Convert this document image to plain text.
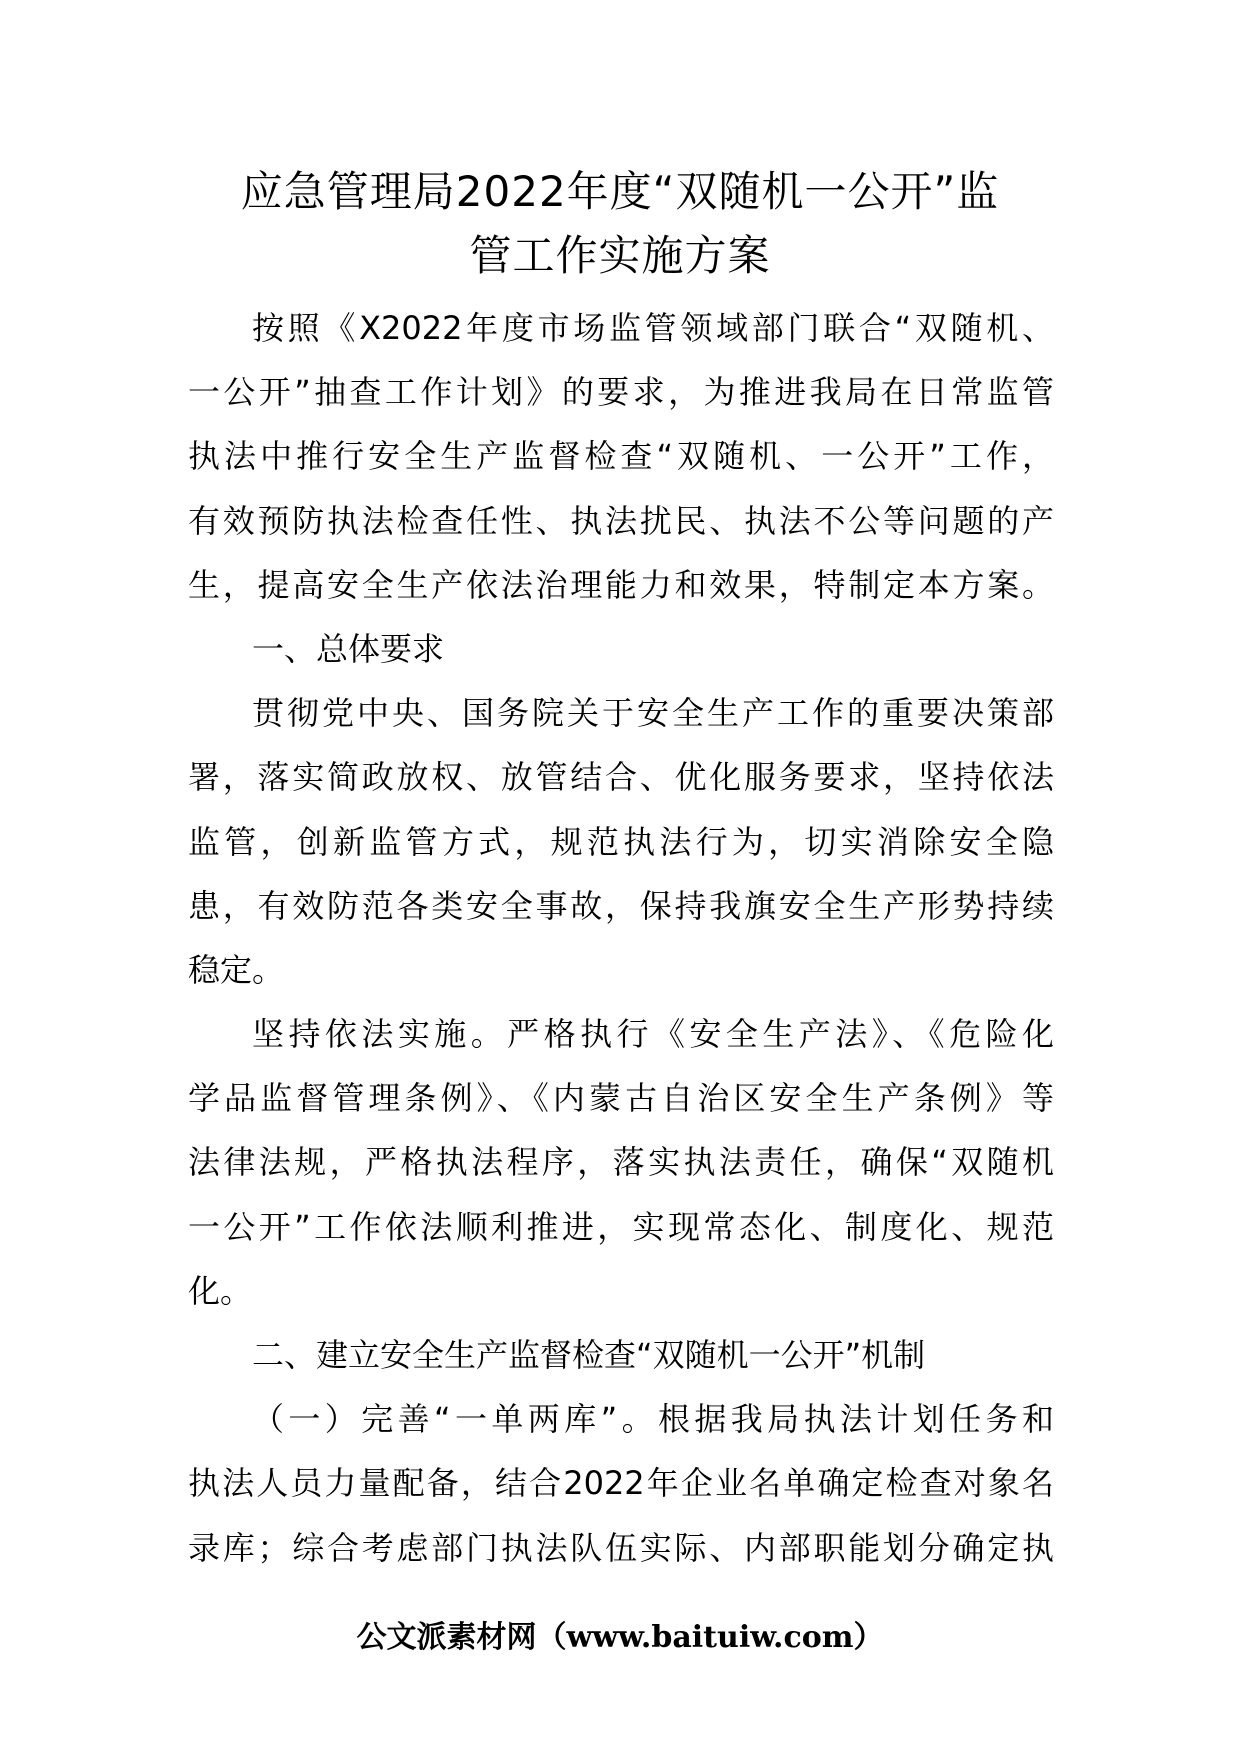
应急管理局2022年度“双随机一公开”监
管工作实施方案
按照《X2022年度市场监管领域部门联合“双随机、
一公开”抽查工作计划》的要求，为推进我局在日常监管
执法中推行安全生产监督检查“双随机、一公开”工作，
有效预防执法检查任性、执法扰民、执法不公等问题的产
生，提高安全生产依法治理能力和效果，特制定本方案。
一、总体要求
贯彻党中央、国务院关于安全生产工作的重要决策部
署，落实简政放权、放管结合、优化服务要求，坚持依法
监管，创新监管方式，规范执法行为，切实消除安全隐
患，有效防范各类安全事故，保持我旗安全生产形势持续
稳定。
坚持依法实施。严格执行《安全生产法》、《危险化
学品监督管理条例》、《内蒙古自治区安全生产条例》等
法律法规，严格执法程序，落实执法责任，确保“双随机
一公开”工作依法顺利推进，实现常态化、制度化、规范
化。
二、建立安全生产监督检查“双随机一公开”机制
（一）完善“一单两库”。根据我局执法计划任务和
执法人员力量配备，结合2022年企业名单确定检查对象名
录库；综合考虑部门执法队伍实际、内部职能划分确定执
公文派素材网（www.baituiw.com）
